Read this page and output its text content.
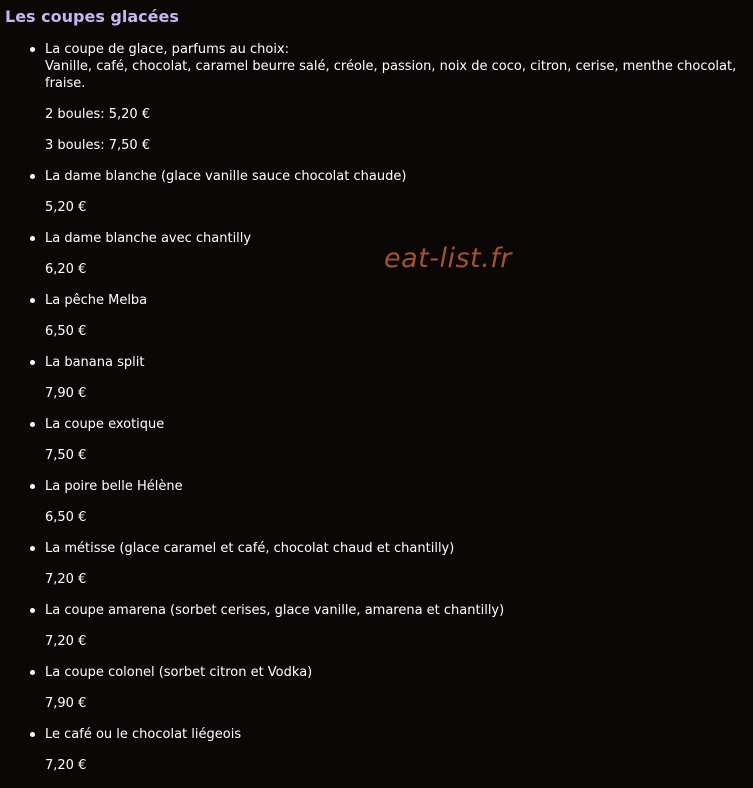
Les coupes glacées
La coupe de glace, parfums au choix:
Vanille, café, chocolat, caramel beurre salé, créole, passion, noix de coco, citron, cerise, menthe chocolat, fraise.
2 boules: 5,20 €
3 boules: 7,50 €
La dame blanche (glace vanille sauce chocolat chaude)
5,20 €
La dame blanche avec chantilly
6,20 €
La pêche Melba
6,50 €
La banana split
7,90 €
La coupe exotique
7,50 €
La poire belle Hélène
6,50 €
La métisse (glace caramel et café, chocolat chaud et chantilly)
7,20 €
La coupe amarena (sorbet cerises, glace vanille, amarena et chantilly)
7,20 €
La coupe colonel (sorbet citron et Vodka)
7,90 €
Le café ou le chocolat liégeois
7,20 €
eat-list.fr
